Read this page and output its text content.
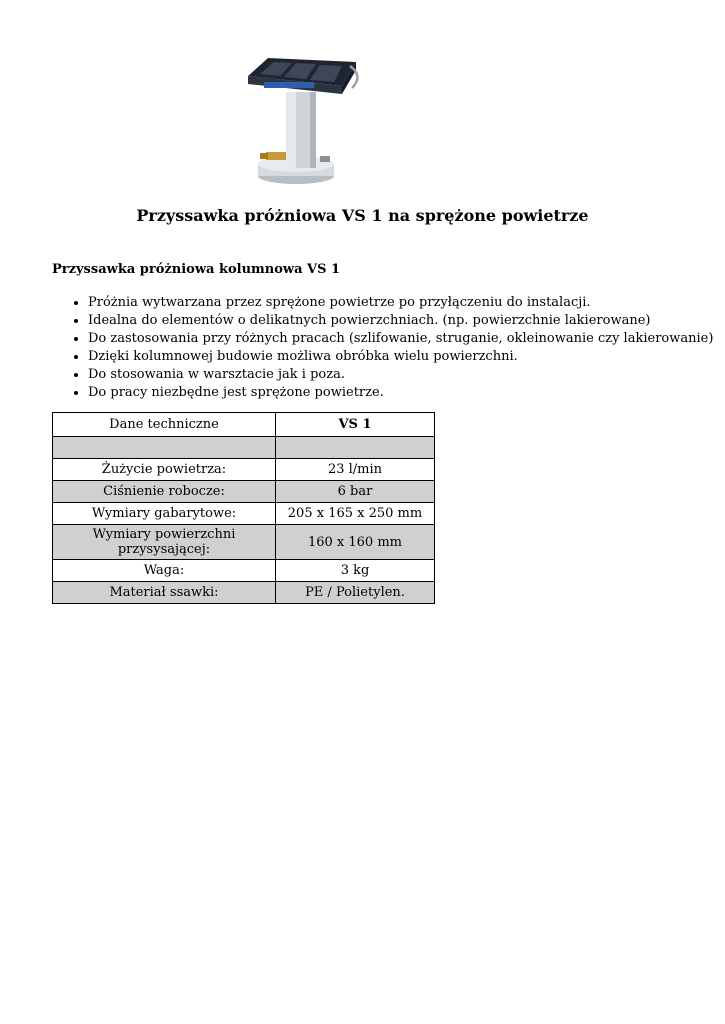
Przyssawka próżniowa VS 1 na sprężone powietrze
Przyssawka próżniowa kolumnowa VS 1
• Próżnia wytwarzana przez sprężone powietrze po przyłączeniu do instalacji.
• Idealna do elementów o delikatnych powierzchniach. (np. powierzchnie lakierowane)
• Do zastosowania przy różnych pracach (szlifowanie, struganie, okleinowanie czy lakierowanie)
• Dzięki kolumnowej budowie możliwa obróbka wielu powierzchni.
• Do stosowania w warsztacie jak i poza.
• Do pracy niezbędne jest sprężone powietrze.
Dane techniczne	VS 1

Żużycie powietrza:	23 l/min
Ciśnienie robocze:	6 bar
Wymiary gabarytowe:	205 x 165 x 250 mm
Wymiary powierzchni przysysającej:	160 x 160 mm
Waga:	3 kg
Materiał ssawki:	PE / Polietylen.
